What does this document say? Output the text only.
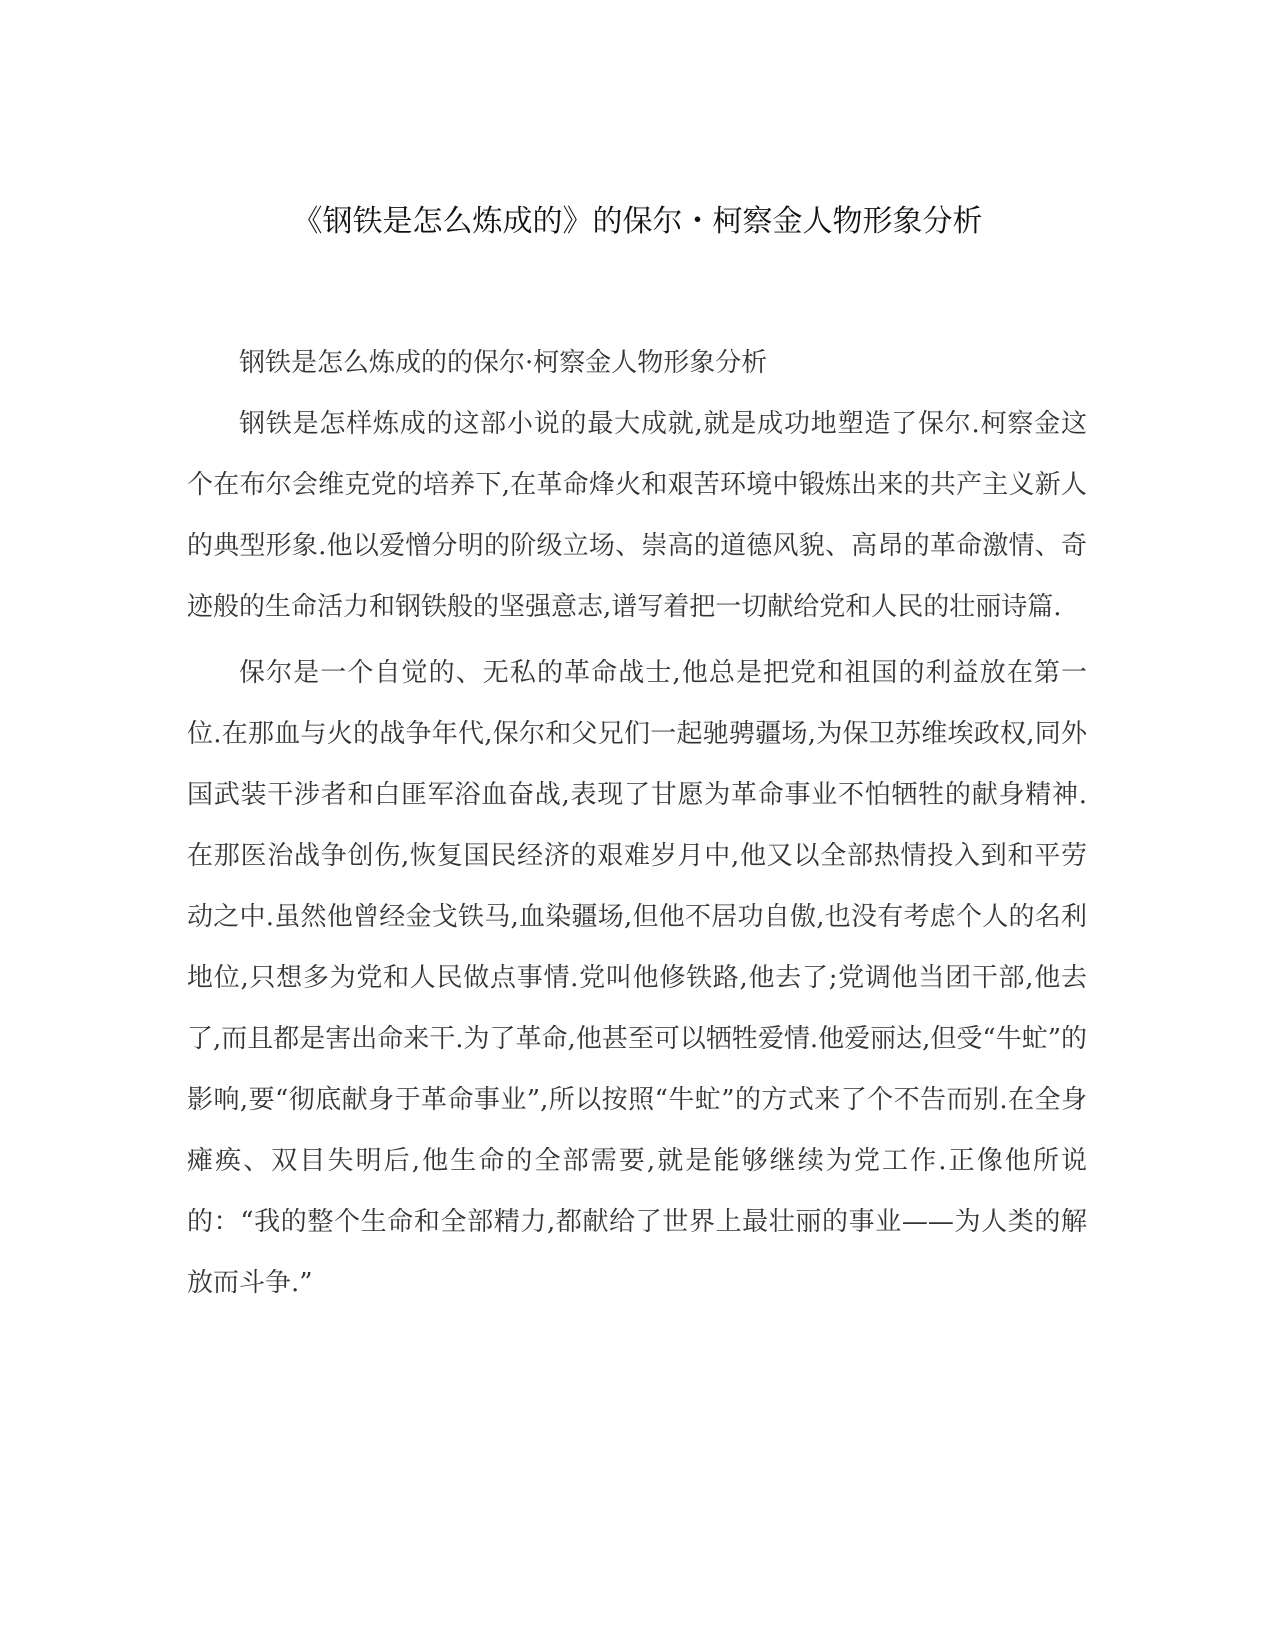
《钢铁是怎么炼成的》的保尔・柯察金人物形象分析

钢铁是怎么炼成的的保尔·柯察金人物形象分析

钢铁是怎样炼成的这部小说的最大成就,就是成功地塑造了保尔.柯察金这个在布尔会维克党的培养下,在革命烽火和艰苦环境中锻炼出来的共产主义新人的典型形象.他以爱憎分明的阶级立场、崇高的道德风貌、高昂的革命激情、奇迹般的生命活力和钢铁般的坚强意志,谱写着把一切献给党和人民的壮丽诗篇.

保尔是一个自觉的、无私的革命战士,他总是把党和祖国的利益放在第一位.在那血与火的战争年代,保尔和父兄们一起驰骋疆场,为保卫苏维埃政权,同外国武装干涉者和白匪军浴血奋战,表现了甘愿为革命事业不怕牺牲的献身精神.在那医治战争创伤,恢复国民经济的艰难岁月中,他又以全部热情投入到和平劳动之中.虽然他曾经金戈铁马,血染疆场,但他不居功自傲,也没有考虑个人的名利地位,只想多为党和人民做点事情.党叫他修铁路,他去了;党调他当团干部,他去了,而且都是害出命来干.为了革命,他甚至可以牺牲爱情.他爱丽达,但受“牛虻”的影响,要“彻底献身于革命事业”,所以按照“牛虻”的方式来了个不告而别.在全身瘫痪、双目失明后,他生命的全部需要,就是能够继续为党工作.正像他所说的：“我的整个生命和全部精力,都献给了世界上最壮丽的事业——为人类的解放而斗争.”
